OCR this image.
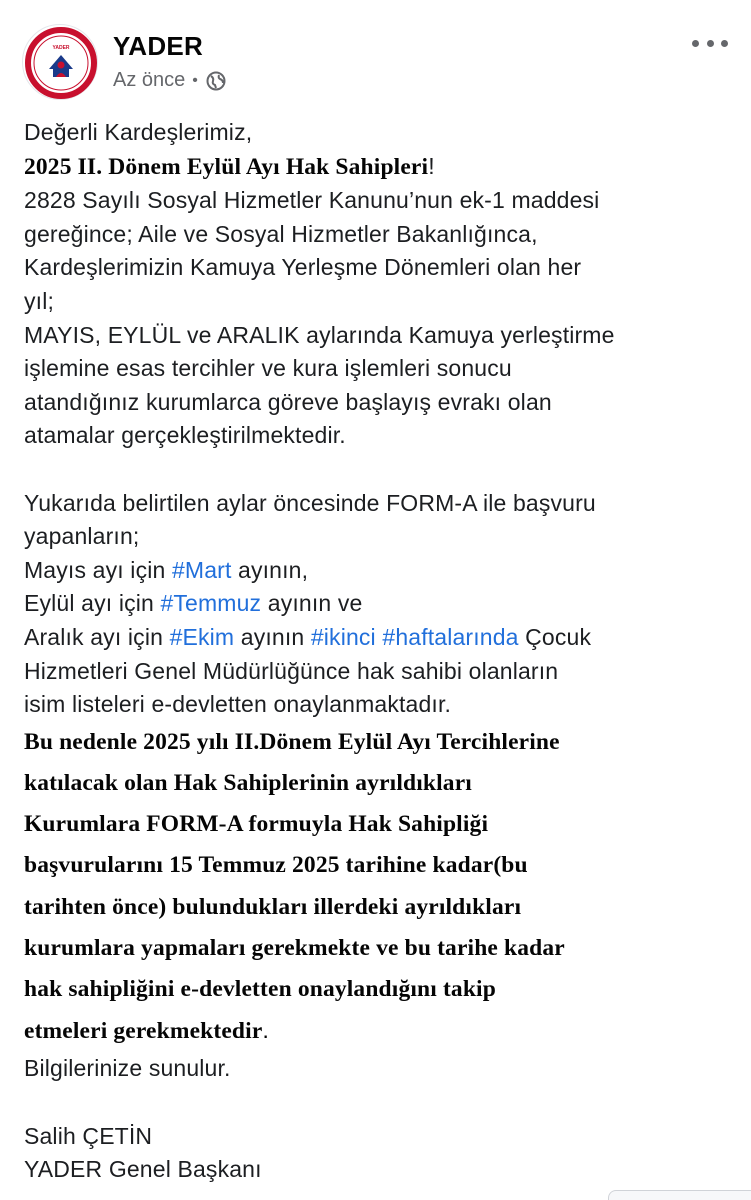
YADER YADER
Az önce •

Değerli Kardeşlerimiz,

2025 II. Dönem Eylül Ayı Hak Sahipleri!

2828 Sayılı Sosyal Hizmetler Kanunu’nun ek-1 maddesi

gereğince; Aile ve Sosyal Hizmetler Bakanlığınca,

Kardeşlerimizin Kamuya Yerleşme Dönemleri olan her

yıl;

MAYIS, EYLÜL ve ARALIK aylarında Kamuya yerleştirme

işlemine esas tercihler ve kura işlemleri sonucu

atandığınız kurumlarca göreve başlayış evrakı olan

atamalar gerçekleştirilmektedir.

Yukarıda belirtilen aylar öncesinde FORM-A ile başvuru

yapanların;

Mayıs ayı için #Mart ayının,

Eylül ayı için #Temmuz ayının ve

Aralık ayı için #Ekim ayının #ikinci #haftalarında Çocuk

Hizmetleri Genel Müdürlüğünce hak sahibi olanların

isim listeleri e-devletten onaylanmaktadır.

Bu nedenle 2025 yılı II.Dönem Eylül Ayı Tercihlerine

katılacak olan Hak Sahiplerinin ayrıldıkları

Kurumlara FORM-A formuyla Hak Sahipliği

başvurularını 15 Temmuz 2025 tarihine kadar(bu

tarihten önce) bulundukları illerdeki ayrıldıkları

kurumlara yapmaları gerekmekte ve bu tarihe kadar

hak sahipliğini e-devletten onaylandığını takip

etmeleri gerekmektedir.

Bilgilerinize sunulur.

Salih ÇETİN

YADER Genel Başkanı
